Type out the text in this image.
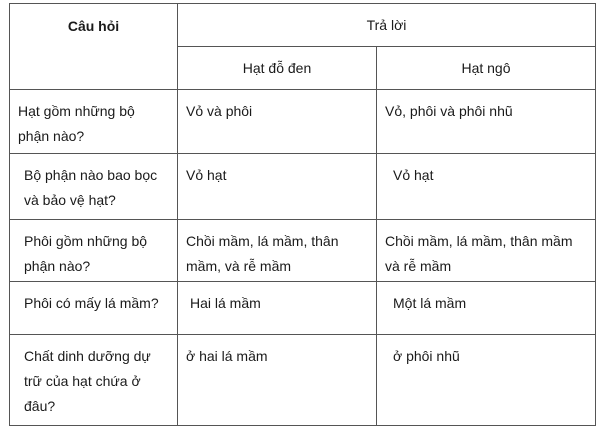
Câu hỏi	Trả lời	
	Hạt đỗ đen	Hạt ngô
Hạt gồm những bộ phận nào?	Vỏ và phôi	Vỏ, phôi và phôi nhũ
Bộ phận nào bao bọc và bảo vệ hạt?	Vỏ hạt	Vỏ hạt
Phôi gồm những bộ phận nào?	Chồi mầm, lá mầm, thân mầm, và rễ mầm	Chồi mầm, lá mầm, thân mầm và rễ mầm
Phôi có mấy lá mầm?	Hai lá mầm	Một lá mầm
Chất dinh dưỡng dự trữ của hạt chứa ở đâu?	ở hai lá mầm	ở phôi nhũ
